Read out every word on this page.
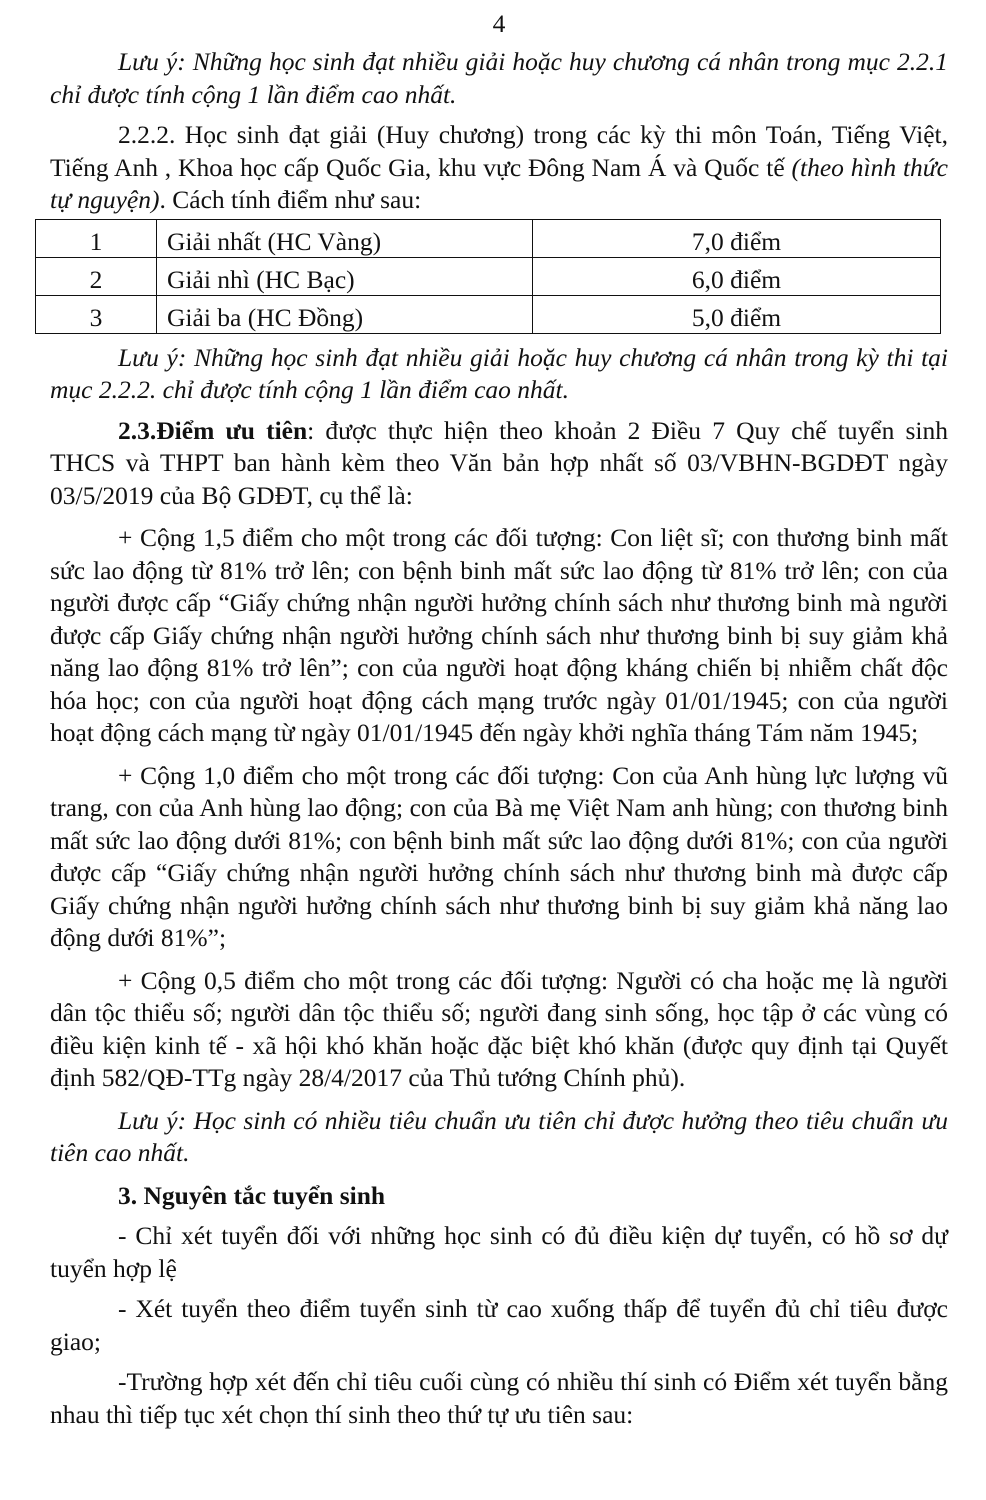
4

Lưu ý: Những học sinh đạt nhiều giải hoặc huy chương cá nhân trong mục 2.2.1 chỉ được tính cộng 1 lần điểm cao nhất.

2.2.2. Học sinh đạt giải (Huy chương) trong các kỳ thi môn Toán, Tiếng Việt, Tiếng Anh , Khoa học cấp Quốc Gia, khu vực Đông Nam Á và Quốc tế (theo hình thức tự nguyện). Cách tính điểm như sau:

1	Giải nhất (HC Vàng)	7,0 điểm
2	Giải nhì (HC Bạc)	6,0 điểm
3	Giải ba (HC Đồng)	5,0 điểm

Lưu ý: Những học sinh đạt nhiều giải hoặc huy chương cá nhân trong kỳ thi tại mục 2.2.2. chỉ được tính cộng 1 lần điểm cao nhất.

2.3.Điểm ưu tiên: được thực hiện theo khoản 2 Điều 7 Quy chế tuyển sinh THCS và THPT ban hành kèm theo Văn bản hợp nhất số 03/VBHN-BGDĐT ngày 03/5/2019 của Bộ GDĐT, cụ thể là:

+ Cộng 1,5 điểm cho một trong các đối tượng: Con liệt sĩ; con thương binh mất sức lao động từ 81% trở lên; con bệnh binh mất sức lao động từ 81% trở lên; con của người được cấp “Giấy chứng nhận người hưởng chính sách như thương binh mà người được cấp Giấy chứng nhận người hưởng chính sách như thương binh bị suy giảm khả năng lao động 81% trở lên”; con của người hoạt động kháng chiến bị nhiễm chất độc hóa học; con của người hoạt động cách mạng trước ngày 01/01/1945; con của người hoạt động cách mạng từ ngày 01/01/1945 đến ngày khởi nghĩa tháng Tám năm 1945;

+ Cộng 1,0 điểm cho một trong các đối tượng: Con của Anh hùng lực lượng vũ trang, con của Anh hùng lao động; con của Bà mẹ Việt Nam anh hùng; con thương binh mất sức lao động dưới 81%; con bệnh binh mất sức lao động dưới 81%; con của người được cấp “Giấy chứng nhận người hưởng chính sách như thương binh mà được cấp Giấy chứng nhận người hưởng chính sách như thương binh bị suy giảm khả năng lao động dưới 81%”;

+ Cộng 0,5 điểm cho một trong các đối tượng: Người có cha hoặc mẹ là người dân tộc thiểu số; người dân tộc thiểu số; người đang sinh sống, học tập ở các vùng có điều kiện kinh tế - xã hội khó khăn hoặc đặc biệt khó khăn (được quy định tại Quyết định 582/QĐ-TTg ngày 28/4/2017 của Thủ tướng Chính phủ).

Lưu ý: Học sinh có nhiều tiêu chuẩn ưu tiên chỉ được hưởng theo tiêu chuẩn ưu tiên cao nhất.

3. Nguyên tắc tuyển sinh

- Chỉ xét tuyển đối với những học sinh có đủ điều kiện dự tuyển, có hồ sơ dự tuyển hợp lệ

- Xét tuyển theo điểm tuyển sinh từ cao xuống thấp để tuyển đủ chỉ tiêu được giao;

-Trường hợp xét đến chỉ tiêu cuối cùng có nhiều thí sinh có Điểm xét tuyển bằng nhau thì tiếp tục xét chọn thí sinh theo thứ tự ưu tiên sau:
